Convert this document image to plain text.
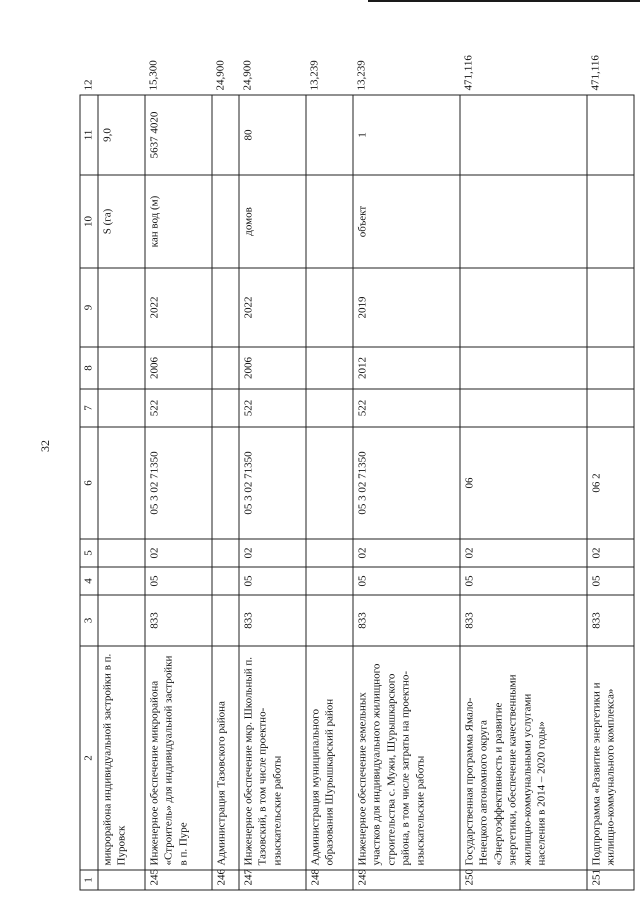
32
1	2	3	4	5	6	7	8	9	10	11	12
	микрорайона индивидуальной застройки в п. Пуровск								S (га)	9,0	
245	Инженерное обеспечение микрорайона «Строитель» для индивидуальной застройки в п. Пуре	833	05	02	05 3 02 71350	522	2006	2022	кан вод (м)	5637 4020	15,300
246	Администрация Тазовского района										24,900
247	Инженерное обеспечение мкр. Школьный п. Тазовский, в том числе проектно-изыскательские работы	833	05	02	05 3 02 71350	522	2006	2022	домов	80	24,900
248	Администрация муниципального образования Шурышкарский район										13,239
249	Инженерное обеспечение земельных участков для индивидуального жилищного строительства с. Мужи, Шурышкарского района, в том числе затраты на проектно-изыскательские работы	833	05	02	05 3 02 71350	522	2012	2019	объект	1	13,239
250	Государственная программа Ямало-Ненецкого автономного округа «Энергоэффективность и развитие энергетики, обеспечение качественными жилищно-коммунальными услугами населения в 2014 – 2020 годы»	833	05	02	06						471,116
251	Подпрограмма «Развитие энергетики и жилищно-коммунального комплекса»	833	05	02	06 2						471,116
